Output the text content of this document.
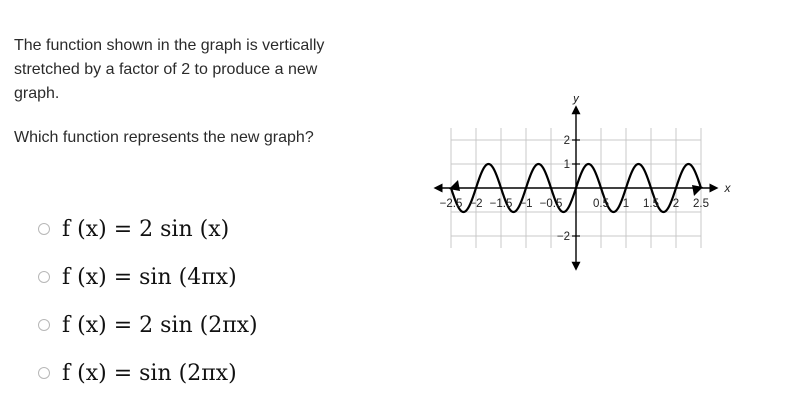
The function shown in the graph is vertically stretched by a factor of 2 to produce a new graph.

Which function represents the new graph?

f (x) = 2 sin (x)
f (x) = sin (4πx)
f (x) = 2 sin (2πx)
f (x) = sin (2πx)
−2.5 −2 −1.5 −1 −0.5	0.5 1 1.5 2 2.5
2
1
−2
x
y
